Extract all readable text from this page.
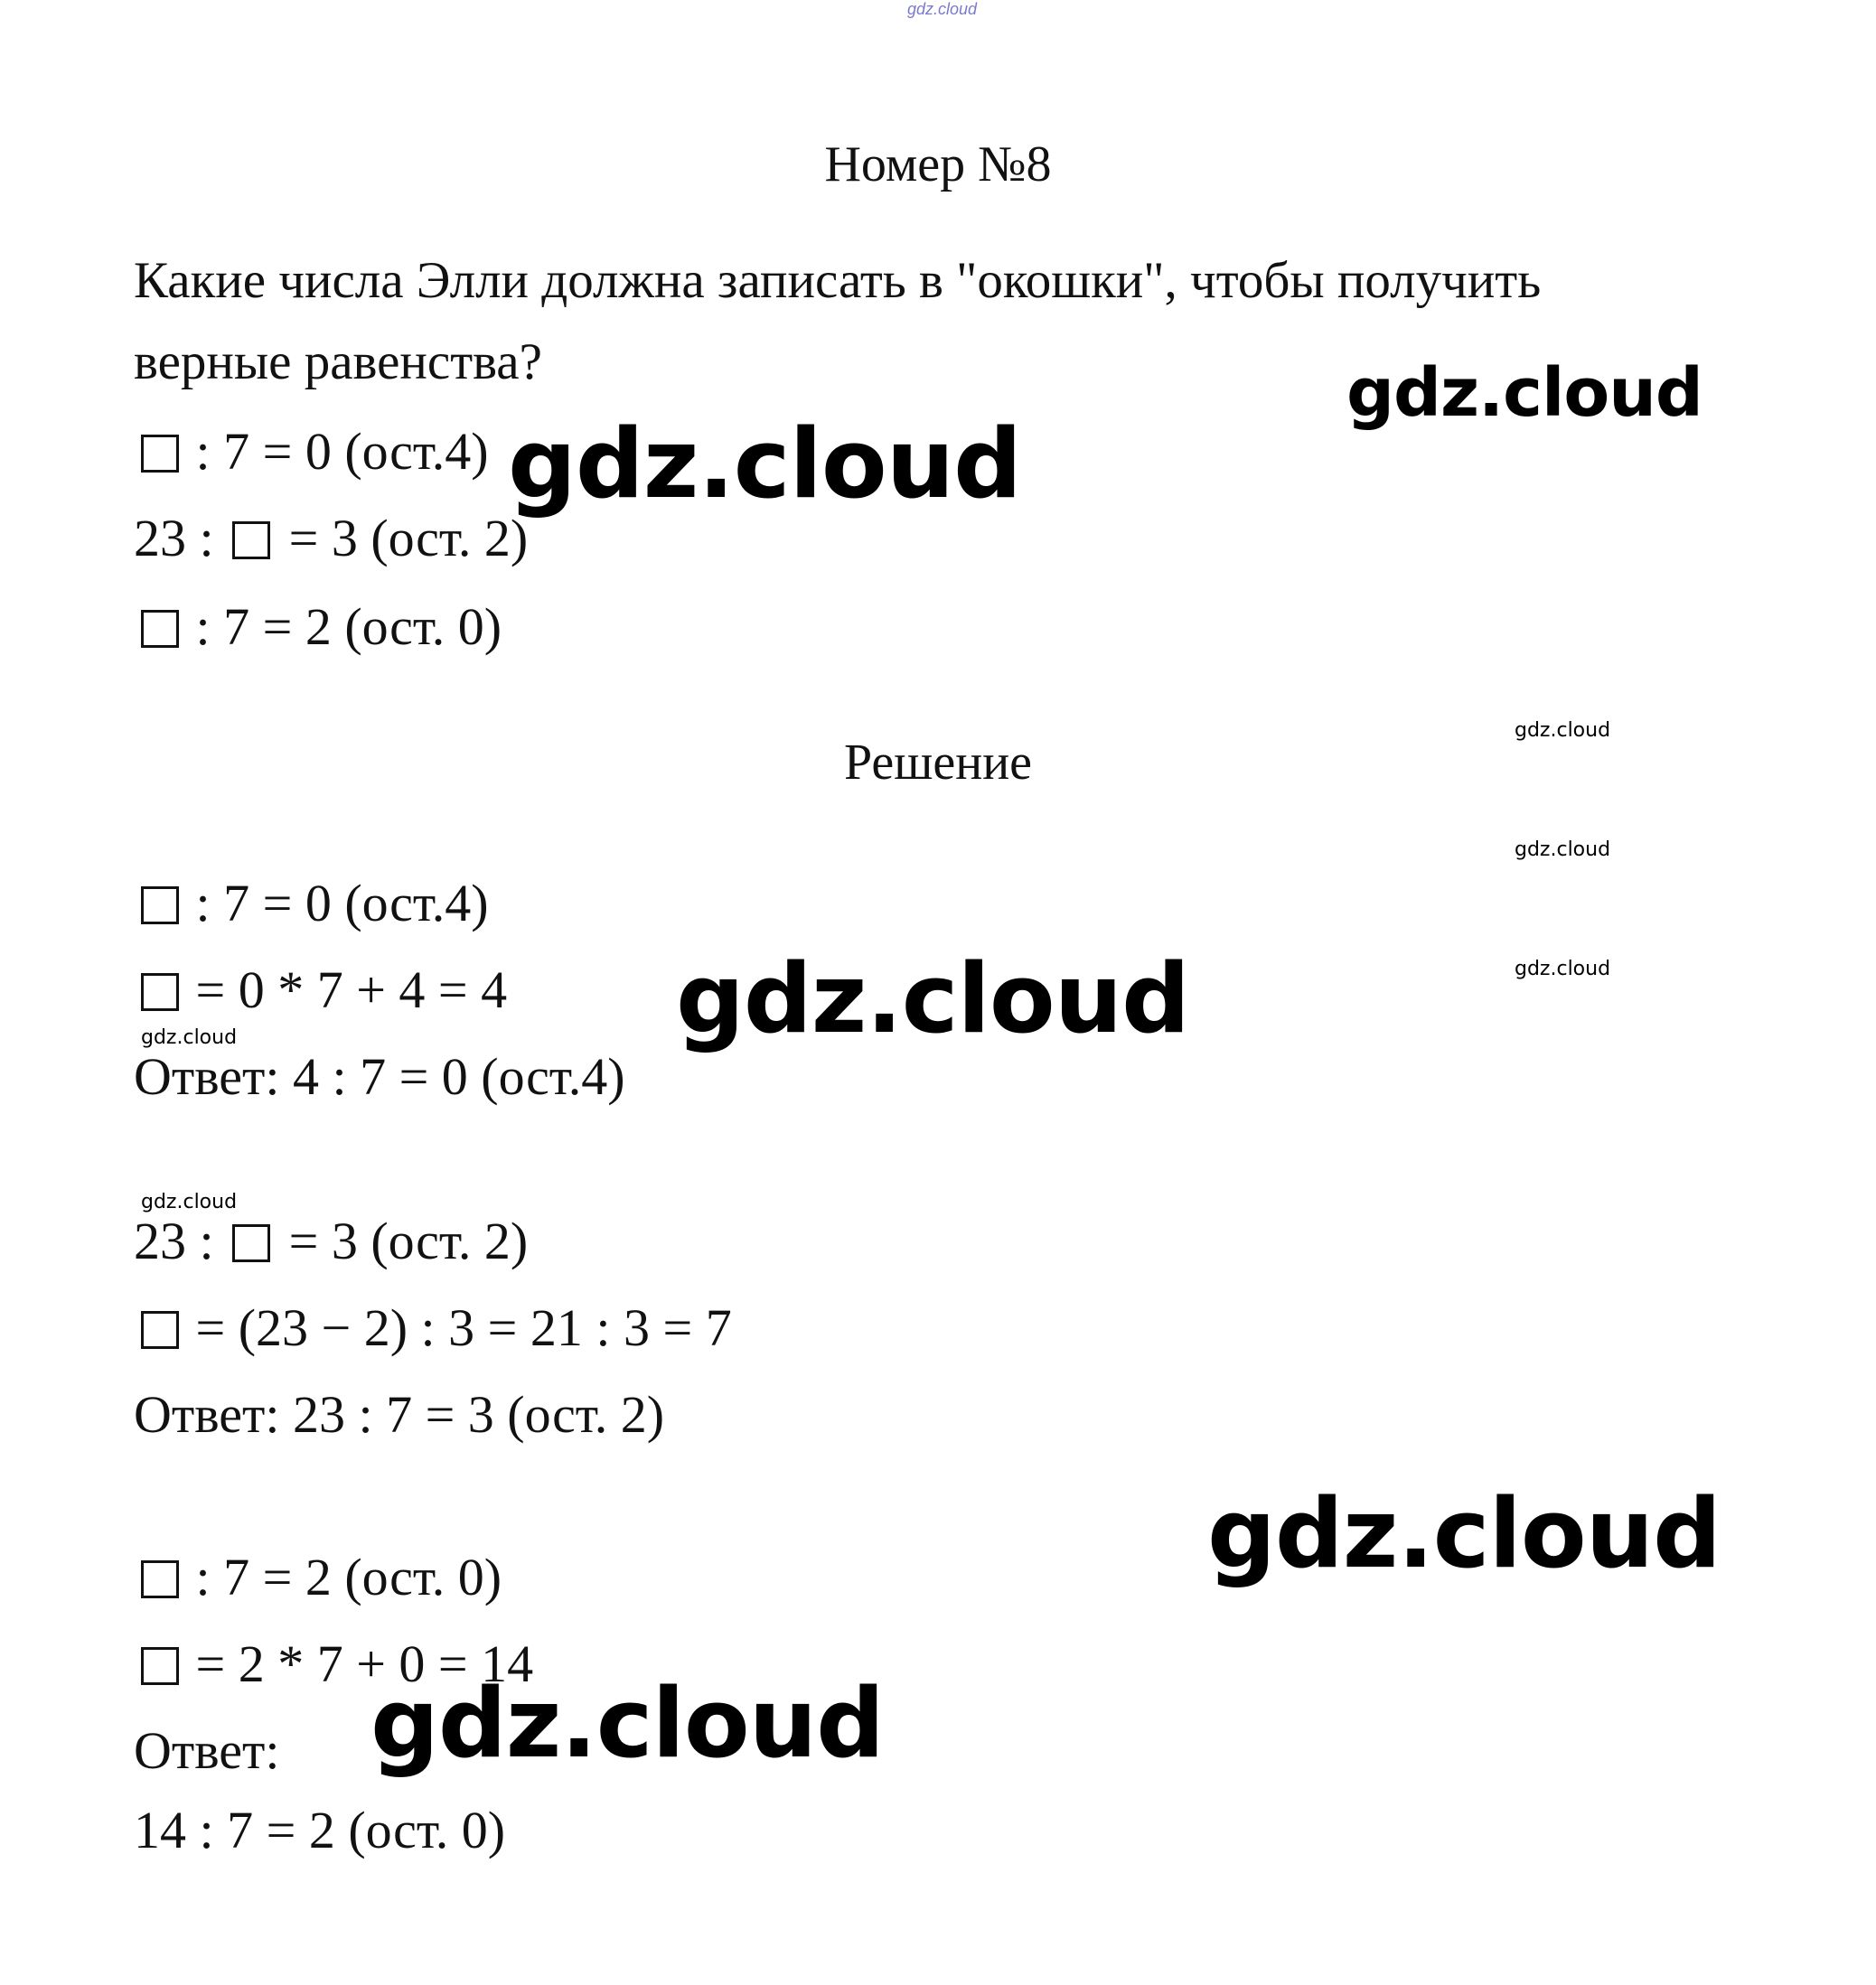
gdz.cloud
Номер №8
Какие числа Элли должна записать в "окошки", чтобы получить
верные равенства?
: 7 = 0 (ост.4)
23 :  = 3 (ост. 2)
: 7 = 2 (ост. 0)
Решение
: 7 = 0 (ост.4)
= 0 * 7 + 4 = 4
Ответ: 4 : 7 = 0 (ост.4)
23 :  = 3 (ост. 2)
= (23 − 2) : 3 = 21 : 3 = 7
Ответ: 23 : 7 = 3 (ост. 2)
: 7 = 2 (ост. 0)
= 2 * 7 + 0 = 14
Ответ:
14 : 7 = 2 (ост. 0)
gdz.cloud
gdz.cloud
gdz.cloud
gdz.cloud
gdz.cloud
gdz.cloud
gdz.cloud
gdz.cloud
gdz.cloud
gdz.cloud
